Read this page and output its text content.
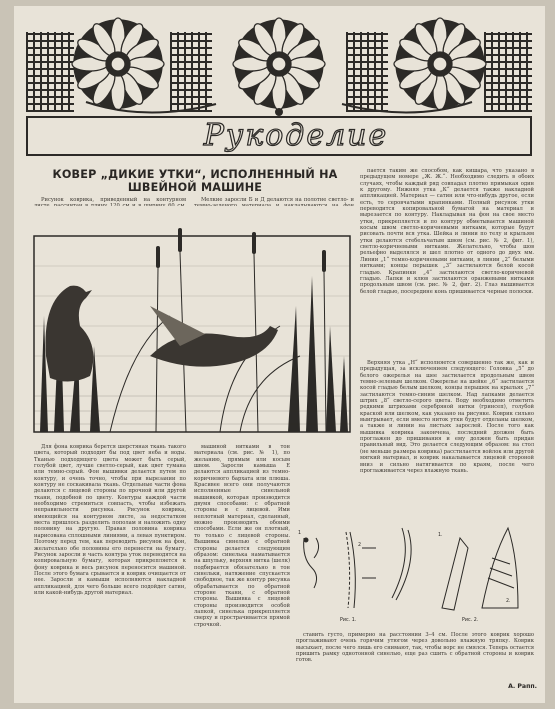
Рукоделие
КОВЕР „ДИКИЕ УТКИ“, ИСПОЛНЕННЫЙ НА ШВЕЙНОЙ МАШИНЕ

Рисунок коврика, приведенный на контурном	Мелкие заросли Б и Д делаются на полотне светло- и

Для фона коврика берется шерстяная ткань такого цвета, который подходит бы под цвет неба и воды. Тканью подходящего цвета может быть серый, голубой цвет, лучше светло-серый, как цвет тумана или темно-серый. Фон вышивки делается путем по контуру, и очень точно, чтобы при вырезании по контуру не соскакивала ткань. Отдельные части фона делаются с лицевой стороны по прочной или другой ткани, подобной по цвету. Контуры каждой части необходимо стремиться совпасть, чтобы избежать неправильности рисунка. Рисунок коврика, имеющийся на контурном листе, за недостатком места пришлось разделить пополам и наложить одну половину на другую. Правая половина коврика нарисована сплошными линиями, а левая пунктиром. Поэтому перед тем, как переводить рисунок на фон, желательно обе половины его перенести на бумагу. Рисунок заросли и часть контура уток переводятся на копировальную бумагу, которая прикрепляется к фону коврика и весь рисунок переносится машиной. После этого бумага срывается и коврик очищается от нее. Заросли и камыши исполняются накладной аппликацией, для чего больше всего подойдет сатин, или какой-нибудь другой материал.

машиной нитками в тон материала (см. рис. № 1), по желанию, прямым или косым швом. Заросли камыша Е делаются аппликацией из темно-коричневого бархата или плюша. Красивее всего они получаются исполненные синельной вышивкой, которая производится двумя способами: с обратной стороны и с лицевой. Ими неплотный материал, сделанный, можно производить обоими способами. Если же он плотный, то только с лицевой стороны. Вышивка синелью с обратной стороны делается следующим образом: синелька наматывается на шпульку, верхняя нитка (шелк) подбирается обязательно в тон синельки, натяжение спускается свободное, так же контур рисунка обрабатывается по обратной стороне ткани, с обратной стороны. Вышивка с лицевой стороны производится особой лапкой, синелька прикрепляется сверху и прострачивается прямой строчкой.

пается таким же способом, как кишара, что указано в предыдущем номере „Ж. Ж.“. Необходимо следить в обоих случаях, чтобы каждый ряд совпадал плотно примыкая один к другому. Нижняя утка „К“ делается также накладной аппликацией. Материал — сатин или что-нибудь другое, если есть, то серовчатыми крапинками. Полный рисунок утки переводится копировальной бумагой на материал и вырезается по контуру. Накладывая на фон на свое место утки, прикрепляется и по контуру обметывается машиной косым швом светло-коричневыми нитками, которые будут рисовать почти вся утка. Шейка и линии по телу и крыльям утки делаются стебельчатым швом (см. рис. № 2, фиг. 1), светло-коричневыми нитками. Желательно, чтобы шов рельефно выделялся и шел плотно от одного до двух мм. Линии „1“ темно-коричневыми нитками, в линии „2“ белыми нитками; концы перышек „3“ застилаются белой косой гладью. Крапинки „4“ застилаются светло-коричневой гладью. Лапки и клюв застилаются оранжевыми нитками продольным швом (см. рис. № 2, фиг. 2). Глаз вышивается белой гладью, посередине конь пришивается черные полоски.

Верхняя утка „Н“ исполняется совершенно так же, как и предыдущая, за исключением следующего: Головка „5“ до белого ожерелья на шее застилается продольным швом темно-зеленым шелком. Ожерелье на шейке „6“ застилается косой гладью белым шелком, концы перышек на крыльях „7“ застилаются темно-синим шелком. Над лапками делается штрих „8“ светло-серого цвета. Воду необходимо отметить редкими штрихами серебряной нитки (гринсеп), голубой краской или шелком, как указано на рисунке. Коврик сильно выигрывает, если вместо ниток утки будут отделаны шелком, а также и линии на листьях зарослей. После того как вышивка коврика закончена, последний должен быть проглажен до пришивания и ему должен быть придан правильный вид. Это делается следующим образом: на стол (не меньше размера коврика) расстилается войлок или другой мягкий материал, и коврик накалывается лицевой стороной вниз и сильно натягивается по краям, после чего проглаживается через влажную ткань.

1
2
1.
2.
Рис. 1.	Рис. 2.

ставить густо, примерно на расстоянии 3–4 см. После этого коврик хорошо проглаживают очень горячим утюгом через довольно влажную тряпку. Коврик высыхает, после чего лишь его снимают, так, чтобы ворс не смялся. Теперь остается пришить рамку однотонной синелью, еще раз сшить с обратной стороны и коврик готов.

А. Рапп.
